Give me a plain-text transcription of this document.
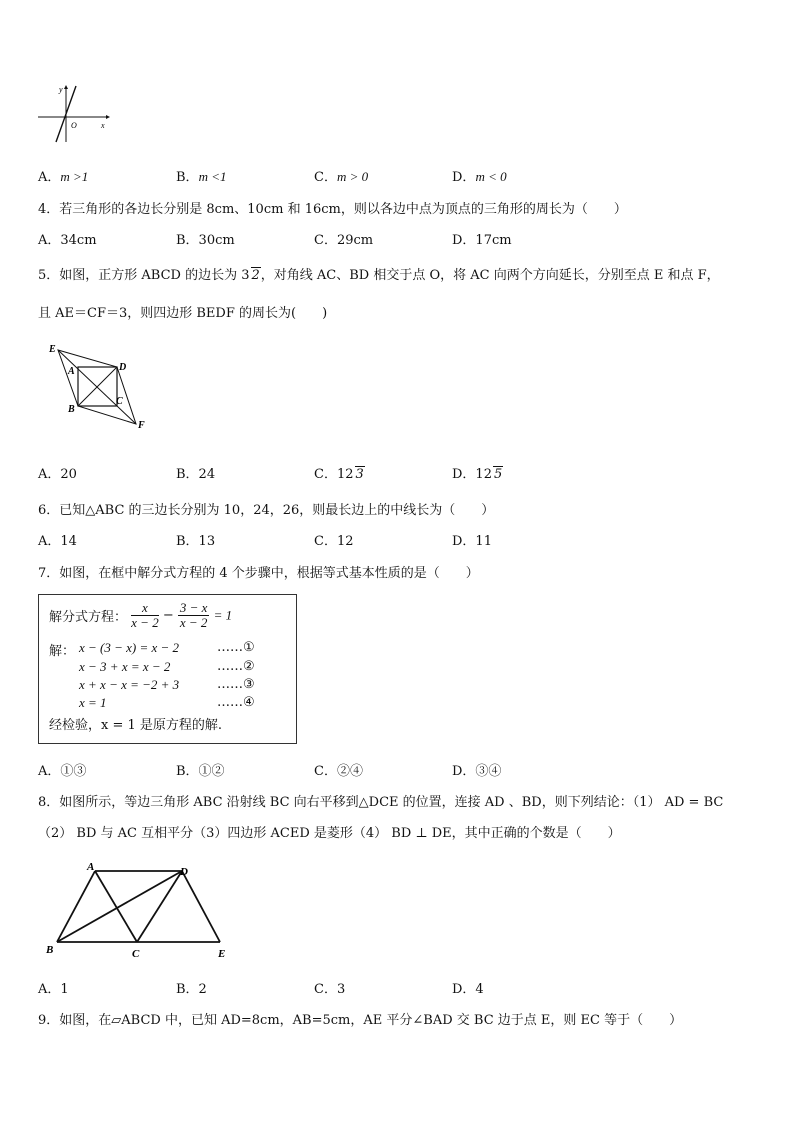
y
O	x
A．m >1	B．m <1	C．m > 0	D．m < 0
4．若三角形的各边长分别是 8cm、10cm 和 16cm，则以各边中点为顶点的三角形的周长为（　　）
A．34cm	B．30cm	C．29cm	D．17cm
5．如图，正方形 ABCD 的边长为 3 2，对角线 AC、BD 相交于点 O，将 AC 向两个方向延长，分别至点 E 和点 F，
且 AE＝CF＝3，则四边形 BEDF 的周长为(　　)
E
A	D
B
C
F
A．20	B．24	C．12 3	D．12 5
6．已知△ABC 的三边长分别为 10，24，26，则最长边上的中线长为（　　）
A．14	B．13	C．12	D．11
7．如图，在框中解分式方程的 4 个步骤中，根据等式基本性质的是（　　）
解分式方程： $\frac{x}{x - 2} - \frac{3 - x}{x - 2} = 1$
解： x − (3 − x) = x − 2	……①
x − 3 + x = x − 2	……②
x + x − x = −2 + 3	……③
x = 1	……④
经检验，x = 1 是原方程的解.
A．①③	B．①②	C．②④	D．③④
8．如图所示，等边三角形 ABC 沿射线 BC 向右平移到△DCE 的位置，连接 AD 、BD，则下列结论：（1） AD = BC
（2） BD 与 AC 互相平分（3）四边形 ACED 是菱形（4） BD ⊥ DE，其中正确的个数是（　　）
A	D
B	C	E
A．1	B．2	C．3	D．4
9．如图，在▱ABCD 中，已知 AD=8cm，AB=5cm，AE 平分∠BAD 交 BC 边于点 E，则 EC 等于（　　）
